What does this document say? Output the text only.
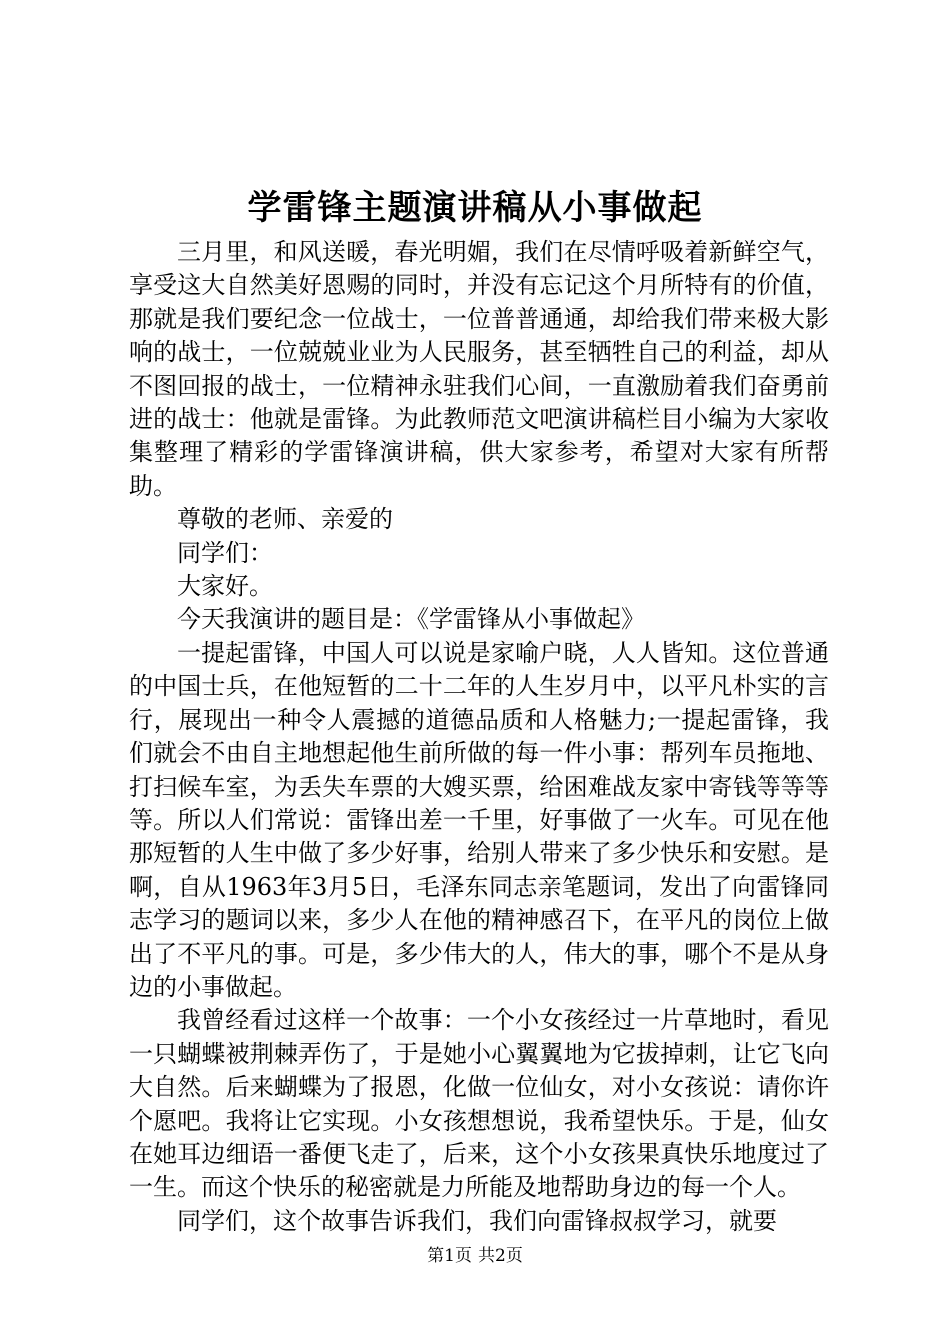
学雷锋主题演讲稿从小事做起

三月里，和风送暖，春光明媚，我们在尽情呼吸着新鲜空气，享受这大自然美好恩赐的同时，并没有忘记这个月所特有的价值，那就是我们要纪念一位战士，一位普普通通，却给我们带来极大影响的战士，一位兢兢业业为人民服务，甚至牺牲自己的利益，却从不图回报的战士，一位精神永驻我们心间，一直激励着我们奋勇前进的战士：他就是雷锋。为此教师范文吧演讲稿栏目小编为大家收集整理了精彩的学雷锋演讲稿，供大家参考，希望对大家有所帮助。

尊敬的老师、亲爱的

同学们：

大家好。

今天我演讲的题目是：《学雷锋从小事做起》

一提起雷锋，中国人可以说是家喻户晓，人人皆知。这位普通的中国士兵，在他短暂的二十二年的人生岁月中，以平凡朴实的言行，展现出一种令人震撼的道德品质和人格魅力;一提起雷锋，我们就会不由自主地想起他生前所做的每一件小事：帮列车员拖地、打扫候车室，为丢失车票的大嫂买票，给困难战友家中寄钱等等等等。所以人们常说：雷锋出差一千里，好事做了一火车。可见在他那短暂的人生中做了多少好事，给别人带来了多少快乐和安慰。是啊，自从1963年3月5日，毛泽东同志亲笔题词，发出了向雷锋同志学习的题词以来，多少人在他的精神感召下，在平凡的岗位上做出了不平凡的事。可是，多少伟大的人，伟大的事，哪个不是从身边的小事做起。

我曾经看过这样一个故事：一个小女孩经过一片草地时，看见一只蝴蝶被荆棘弄伤了，于是她小心翼翼地为它拔掉刺，让它飞向大自然。后来蝴蝶为了报恩，化做一位仙女，对小女孩说：请你许个愿吧。我将让它实现。小女孩想想说，我希望快乐。于是，仙女在她耳边细语一番便飞走了，后来，这个小女孩果真快乐地度过了一生。而这个快乐的秘密就是力所能及地帮助身边的每一个人。

同学们，这个故事告诉我们，我们向雷锋叔叔学习，就要

第1页 共2页
